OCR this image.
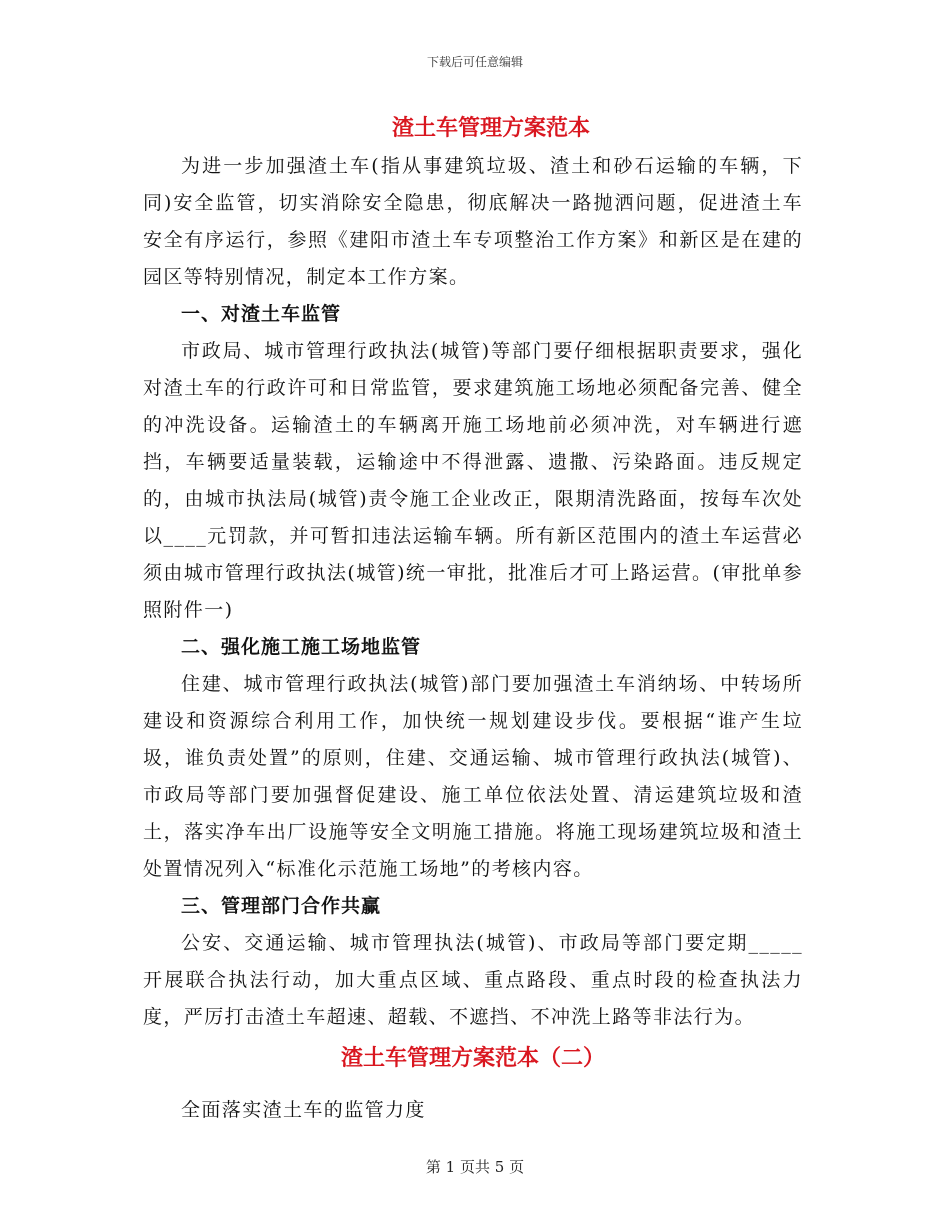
下载后可任意编辑
渣土车管理方案范本

为进一步加强渣土车(指从事建筑垃圾、渣土和砂石运输的车辆，下同)安全监管，切实消除安全隐患，彻底解决一路抛洒问题，促进渣土车安全有序运行，参照《建阳市渣土车专项整治工作方案》和新区是在建的园区等特别情况，制定本工作方案。

一、对渣土车监管

市政局、城市管理行政执法(城管)等部门要仔细根据职责要求，强化对渣土车的行政许可和日常监管，要求建筑施工场地必须配备完善、健全的冲洗设备。运输渣土的车辆离开施工场地前必须冲洗，对车辆进行遮挡，车辆要适量装载，运输途中不得泄露、遗撒、污染路面。违反规定的，由城市执法局(城管)责令施工企业改正，限期清洗路面，按每车次处以____元罚款，并可暂扣违法运输车辆。所有新区范围内的渣土车运营必须由城市管理行政执法(城管)统一审批，批准后才可上路运营。(审批单参照附件一)

二、强化施工施工场地监管

住建、城市管理行政执法(城管)部门要加强渣土车消纳场、中转场所建设和资源综合利用工作，加快统一规划建设步伐。要根据“谁产生垃圾，谁负责处置”的原则，住建、交通运输、城市管理行政执法(城管)、市政局等部门要加强督促建设、施工单位依法处置、清运建筑垃圾和渣土，落实净车出厂设施等安全文明施工措施。将施工现场建筑垃圾和渣土处置情况列入“标准化示范施工场地”的考核内容。

三、管理部门合作共赢

公安、交通运输、城市管理执法(城管)、市政局等部门要定期_____开展联合执法行动，加大重点区域、重点路段、重点时段的检查执法力度，严厉打击渣土车超速、超载、不遮挡、不冲洗上路等非法行为。

渣土车管理方案范本（二）

全面落实渣土车的监管力度

第 1 页共 5 页
